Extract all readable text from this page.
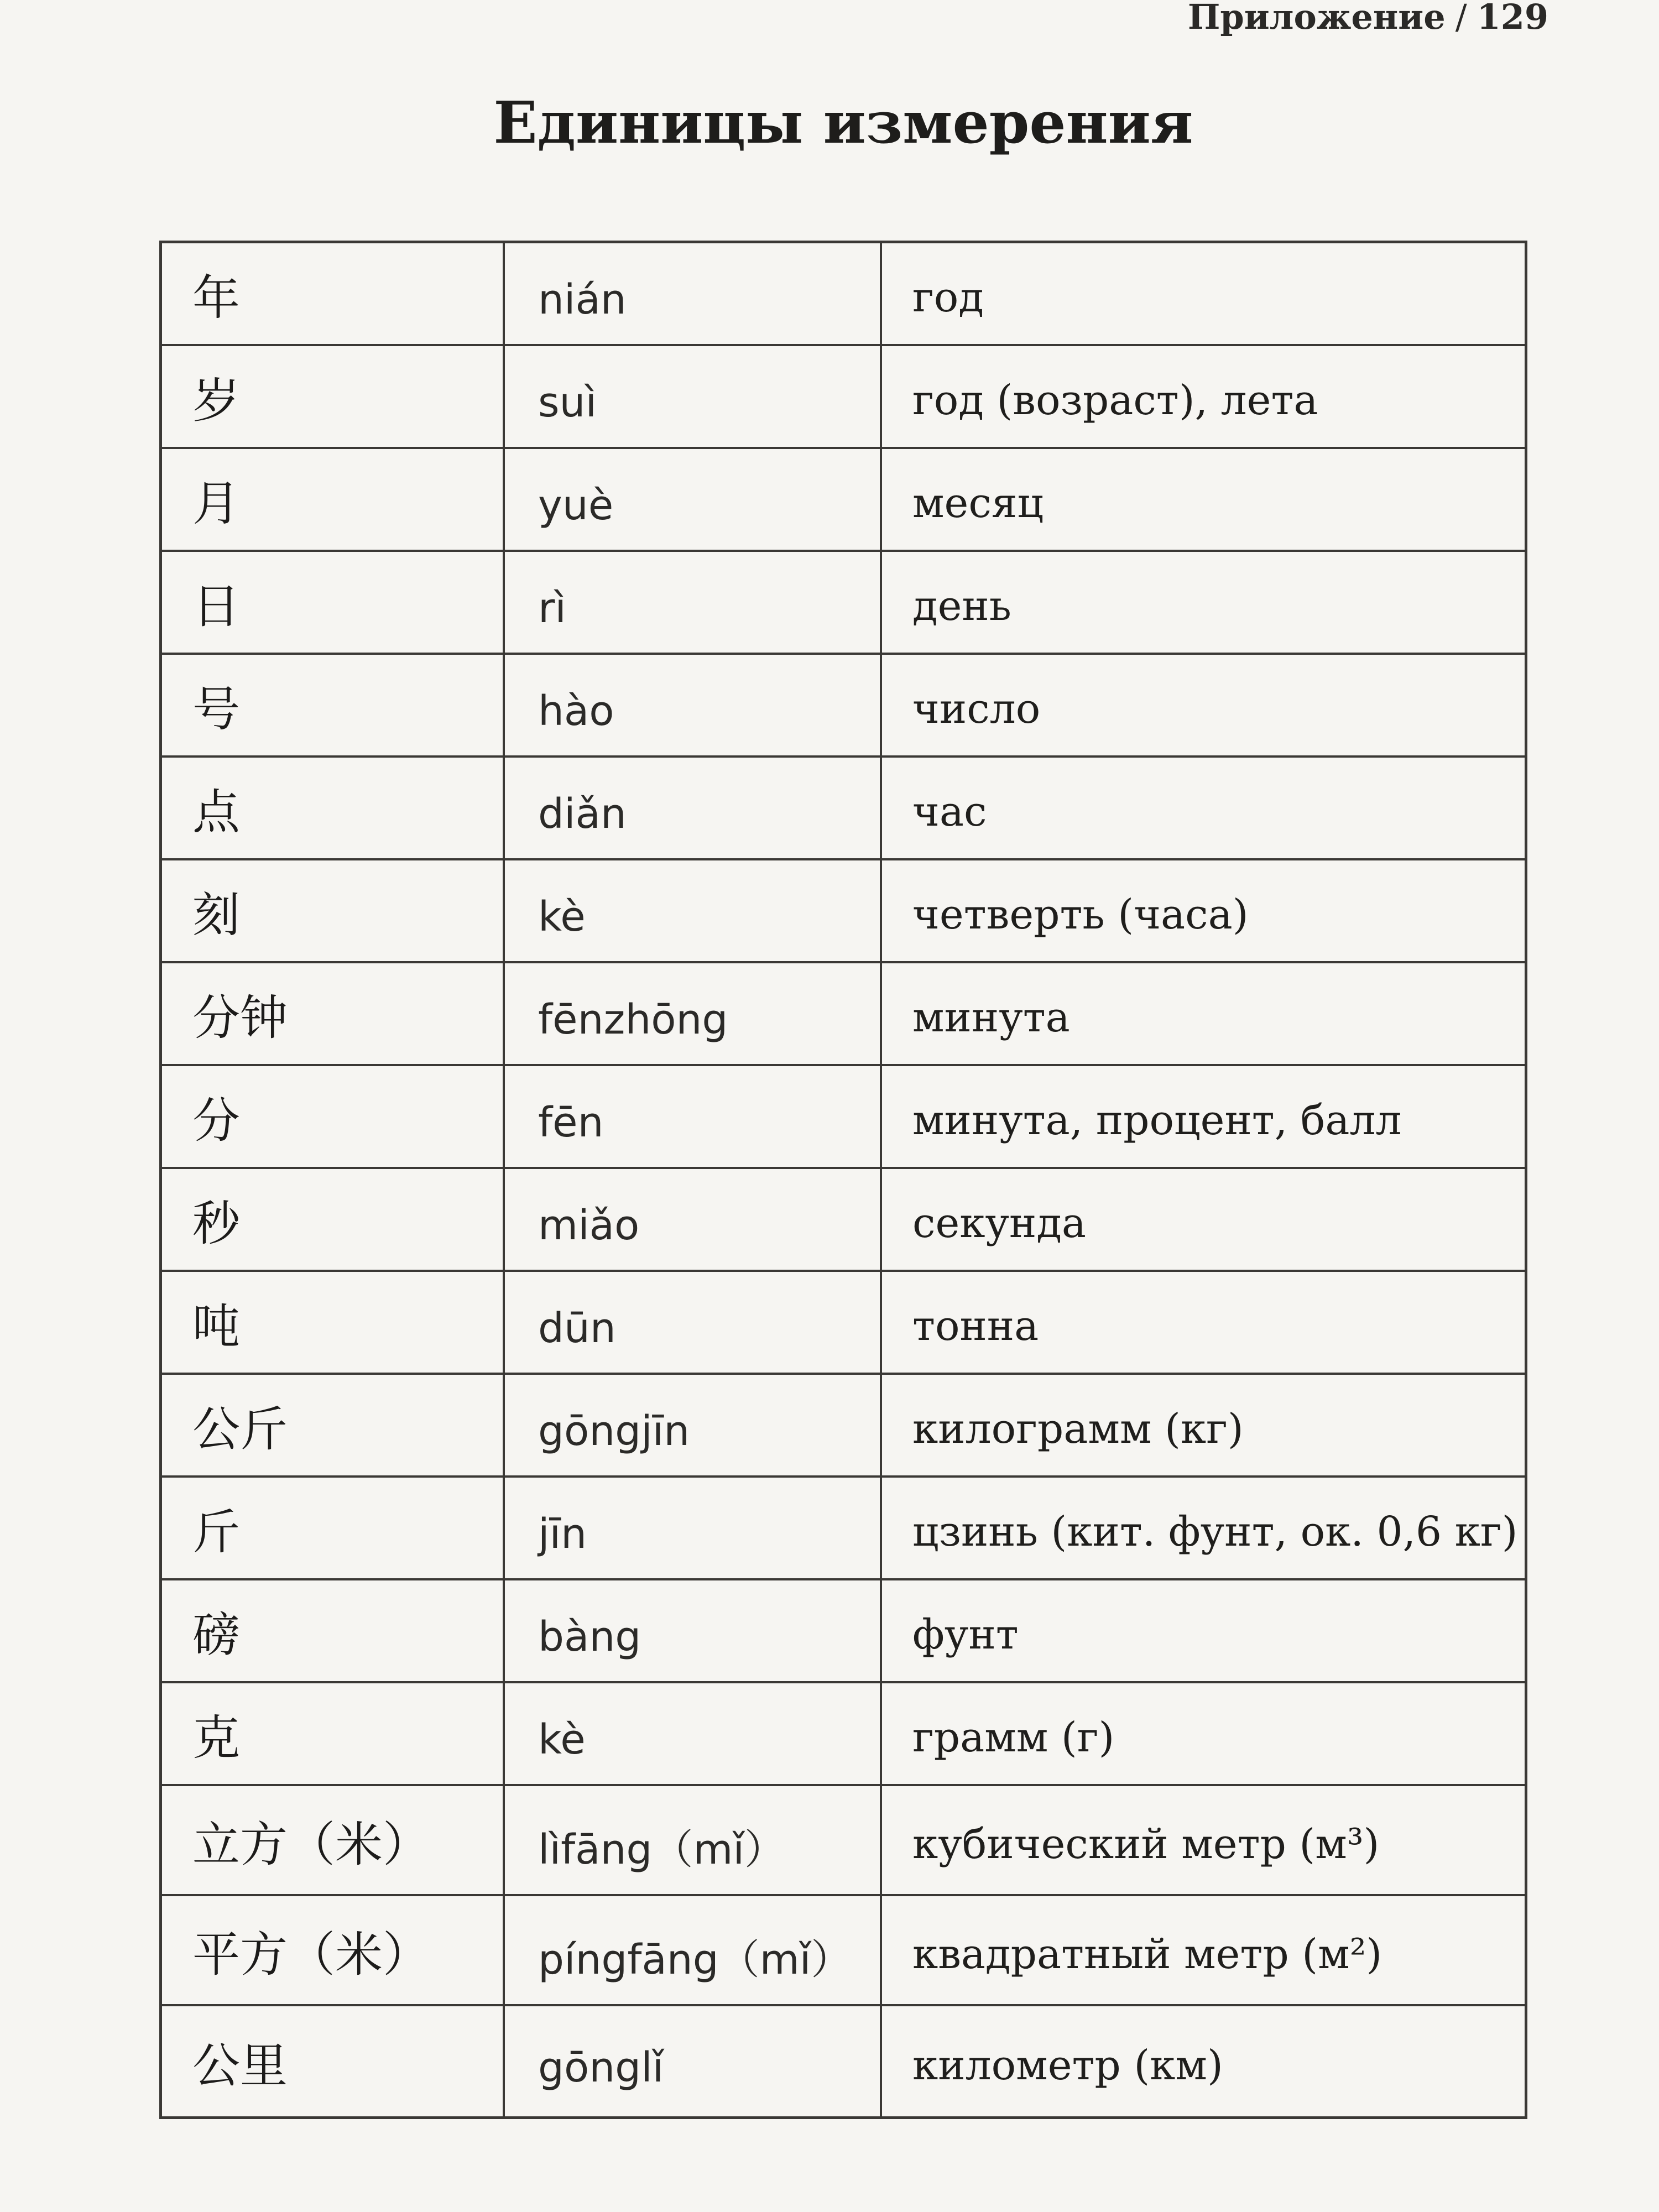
Приложение / 129
Единицы измерения
年	nián	год
岁	suì	год (возраст), лета
月	yuè	месяц
日	rì	день
号	hào	число
点	diǎn	час
刻	kè	четверть (часа)
分钟	fēnzhōng	минута
分	fēn	минута, процент, балл
秒	miǎo	секунда
吨	dūn	тонна
公斤	gōngjīn	килограмм (кг)
斤	jīn	цзинь (кит. фунт, ок. 0,6 кг)
磅	bàng	фунт
克	kè	грамм (г)
立方（米）	lìfāng（mǐ）	кубический метр (м³)
平方（米）	píngfāng（mǐ）	квадратный метр (м²)
公里	gōnglǐ	километр (км)
